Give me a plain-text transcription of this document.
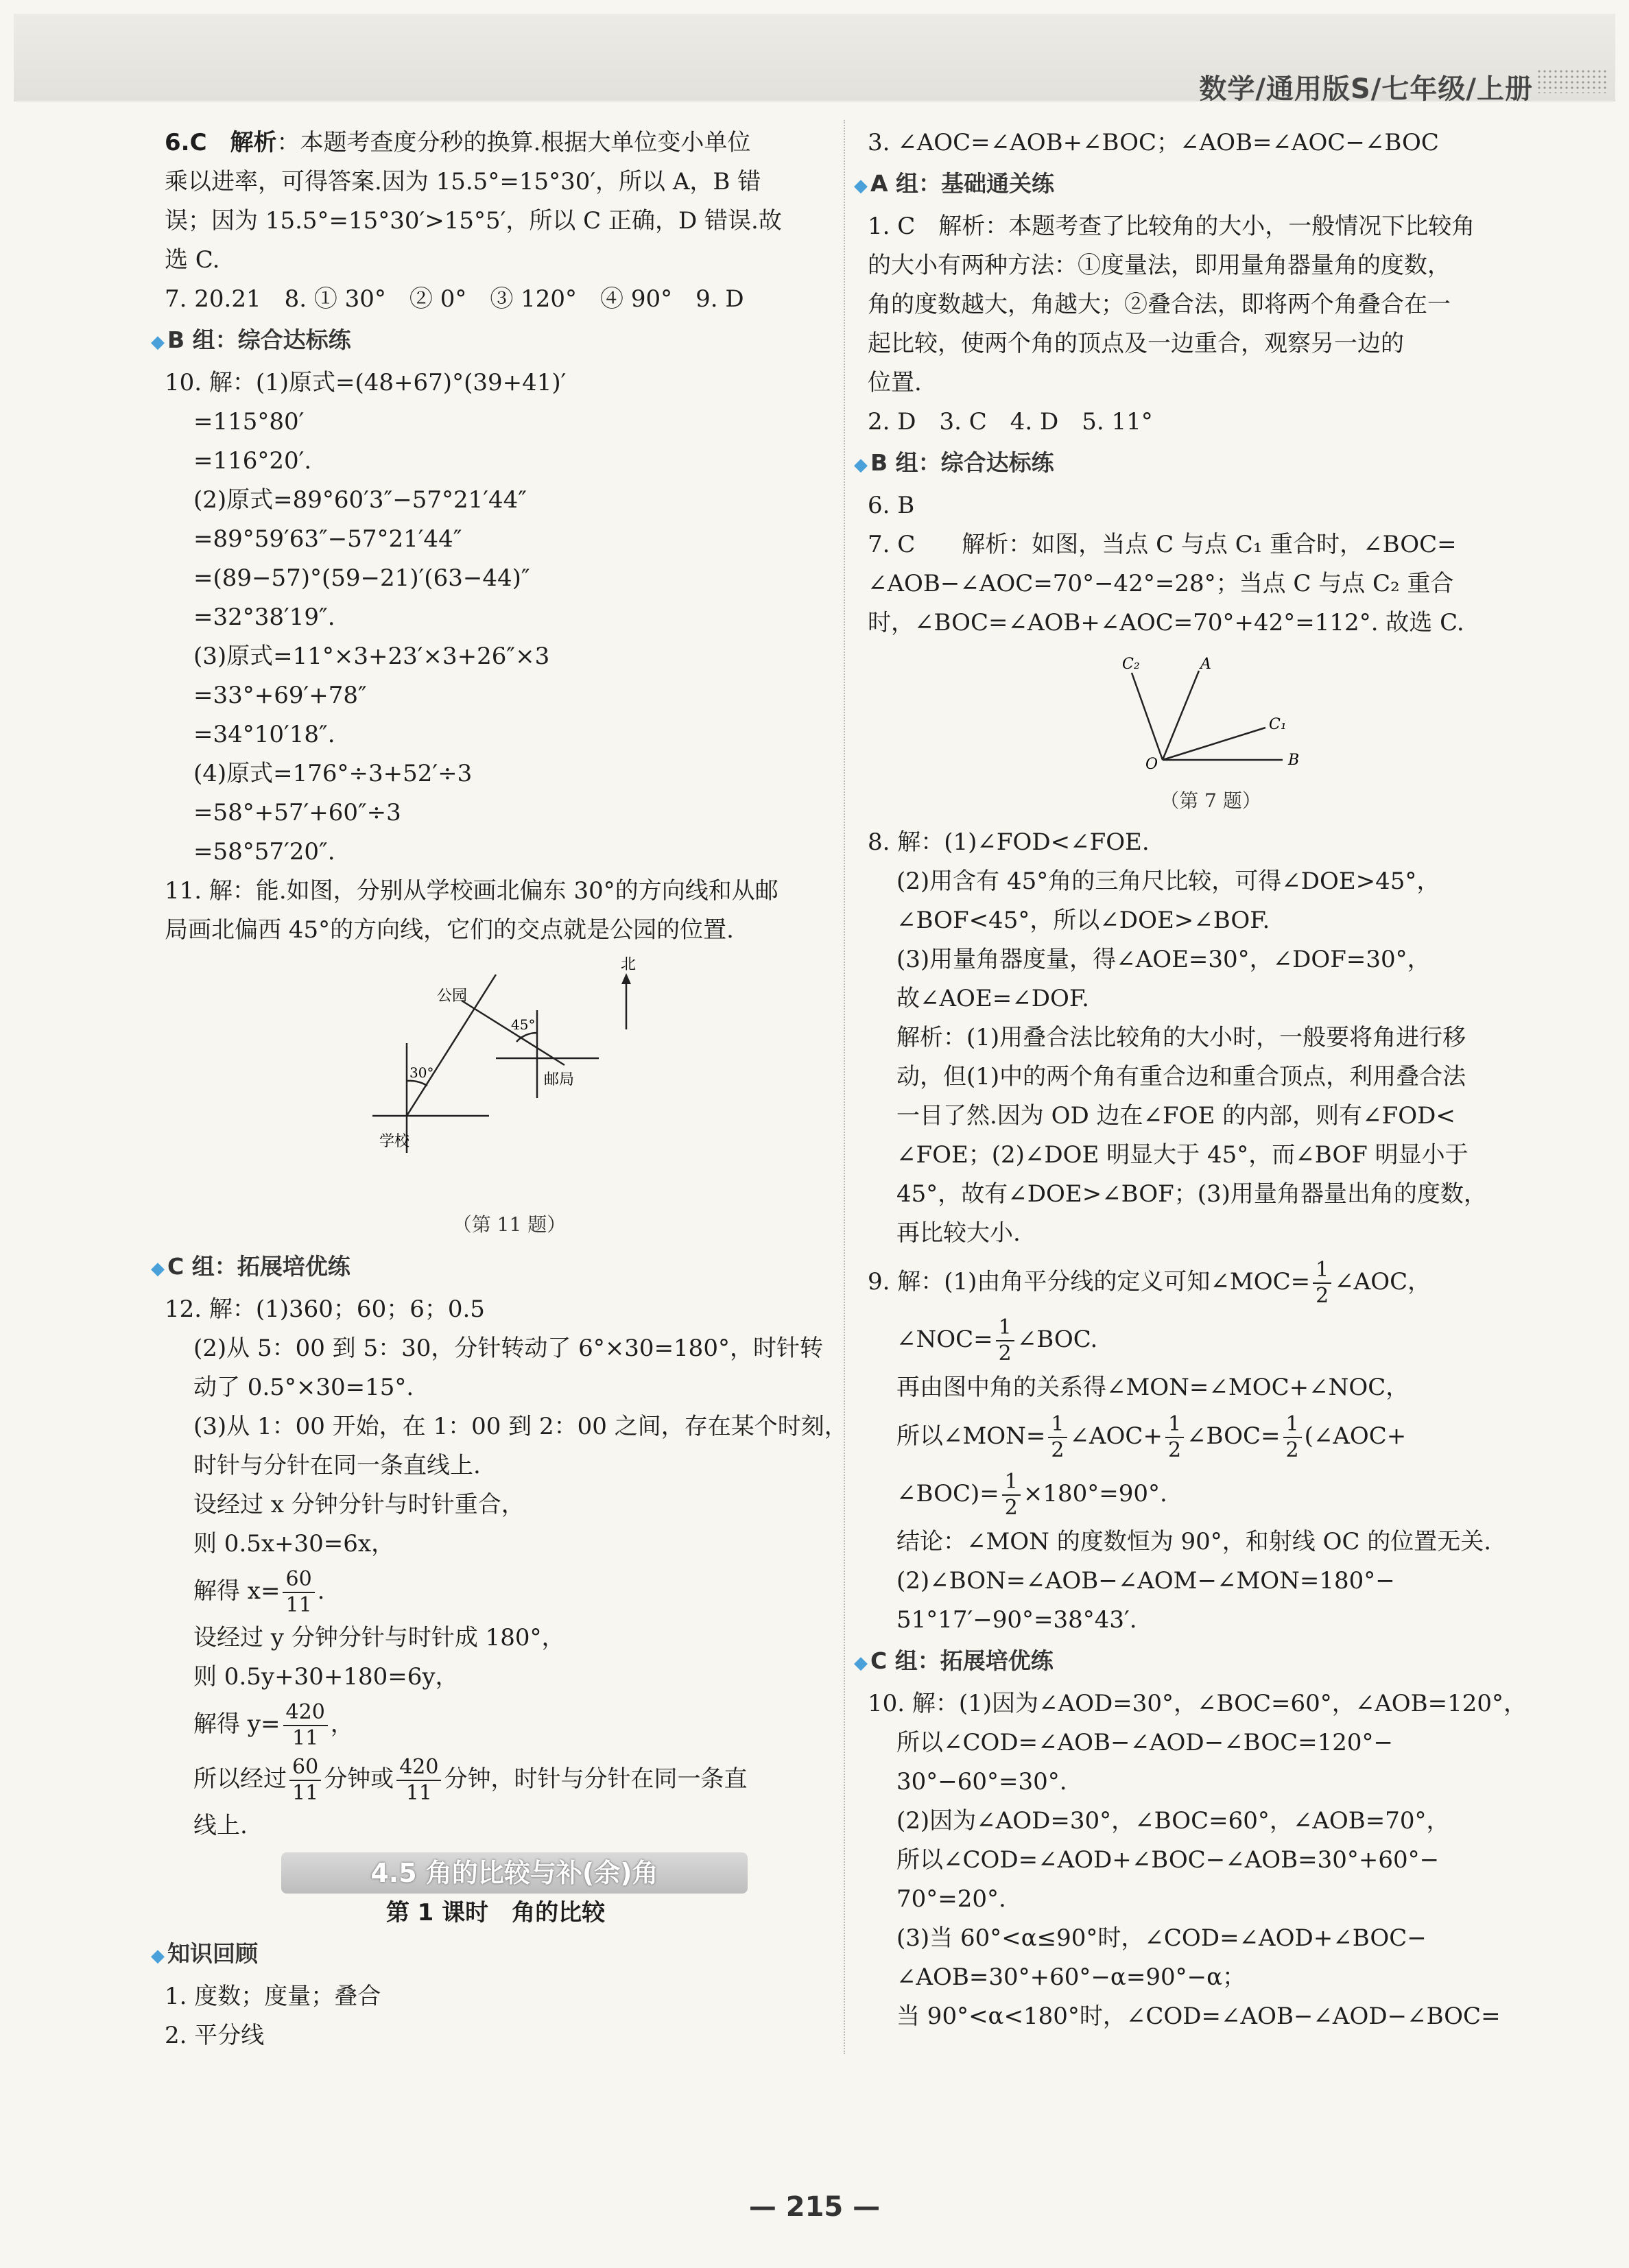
数学/通用版S/七年级/上册
6.C　 解析：本题考查度分秒的换算.根据大单位变小单位
乘以进率，可得答案.因为 15.5°=15°30′，所以 A，B 错
误；因为 15.5°=15°30′>15°5′，所以 C 正确，D 错误.故
选 C.
7. 20.21　8. ① 30°　② 0°　③ 120°　④ 90°　9. D
◆ B 组：综合达标练
10. 解：(1)原式=(48+67)°(39+41)′
=115°80′
=116°20′.
(2)原式=89°60′3″−57°21′44″
=89°59′63″−57°21′44″
=(89−57)°(59−21)′(63−44)″
=32°38′19″.
(3)原式=11°×3+23′×3+26″×3
=33°+69′+78″
=34°10′18″.
(4)原式=176°÷3+52′÷3
=58°+57′+60″÷3
=58°57′20″.
11. 解：能.如图，分别从学校画北偏东 30°的方向线和从邮
局画北偏西 45°的方向线，它们的交点就是公园的位置.
北
公园
学校
邮局
30°
45°
（第 11 题）
◆ C 组：拓展培优练
12. 解：(1)360；60；6；0.5
(2)从 5：00 到 5：30，分针转动了 6°×30=180°，时针转
动了 0.5°×30=15°.
(3)从 1：00 开始，在 1：00 到 2：00 之间，存在某个时刻，
时针与分针在同一条直线上.
设经过 x 分钟分针与时针重合，
则 0.5x+30=6x，
解得 $x= \frac{60}{11}$ .
设经过 y 分钟分针与时针成 180°，
则 0.5y+30+180=6y，
解得 $y= \frac{420}{11}$ ，
所以经过 $\frac{60}{11}$ 分钟或 $\frac{420}{11}$ 分钟，时针与分针在同一条直
线上.
4.5 角的比较与补(余)角
第 1 课时　角的比较
◆ 知识回顾
1. 度数；度量；叠合
2. 平分线
3. ∠AOC=∠AOB+∠BOC；∠AOB=∠AOC−∠BOC
◆ A 组：基础通关练
1. C　解析：本题考查了比较角的大小，一般情况下比较角
的大小有两种方法：①度量法，即用量角器量角的度数，
角的度数越大，角越大；②叠合法，即将两个角叠合在一
起比较，使两个角的顶点及一边重合，观察另一边的
位置.
2. D　3. C　4. D　5. 11°
◆ B 组：综合达标练
6. B
7. C　　解析：如图，当点 C 与点 C₁ 重合时，∠BOC=
∠AOB−∠AOC=70°−42°=28°；当点 C 与点 C₂ 重合
时，∠BOC=∠AOB+∠AOC=70°+42°=112°. 故选 C.
C₂	A
C₁
O	B
（第 7 题）
8. 解：(1)∠FOD<∠FOE.
(2)用含有 45°角的三角尺比较，可得∠DOE>45°，
∠BOF<45°，所以∠DOE>∠BOF.
(3)用量角器度量，得∠AOE=30°，∠DOF=30°，
故∠AOE=∠DOF.
解析：(1)用叠合法比较角的大小时，一般要将角进行移
动，但(1)中的两个角有重合边和重合顶点，利用叠合法
一目了然.因为 OD 边在∠FOE 的内部，则有∠FOD<
∠FOE；(2)∠DOE 明显大于 45°，而∠BOF 明显小于
45°，故有∠DOE>∠BOF；(3)用量角器量出角的度数，
再比较大小.
9. 解：(1)由角平分线的定义可知∠MOC= $\frac{1}{2}$ ∠AOC，
∠NOC= $\frac{1}{2}$ ∠BOC.
再由图中角的关系得∠MON=∠MOC+∠NOC，
所以∠MON= $\frac{1}{2}$ ∠AOC+ $\frac{1}{2}$ ∠BOC= $\frac{1}{2}$ (∠AOC+
∠BOC)= $\frac{1}{2} \times 180^\circ=90^\circ$.
结论：∠MON 的度数恒为 90°，和射线 OC 的位置无关.
(2)∠BON=∠AOB−∠AOM−∠MON=180°−
51°17′−90°=38°43′.
◆ C 组：拓展培优练
10. 解：(1)因为∠AOD=30°，∠BOC=60°，∠AOB=120°，
所以∠COD=∠AOB−∠AOD−∠BOC=120°−
30°−60°=30°.
(2)因为∠AOD=30°，∠BOC=60°，∠AOB=70°，
所以∠COD=∠AOD+∠BOC−∠AOB=30°+60°−
70°=20°.
(3)当 60°<α≤90°时，∠COD=∠AOD+∠BOC−
∠AOB=30°+60°−α=90°−α；
当 90°<α<180°时，∠COD=∠AOB−∠AOD−∠BOC=
— 215 —
